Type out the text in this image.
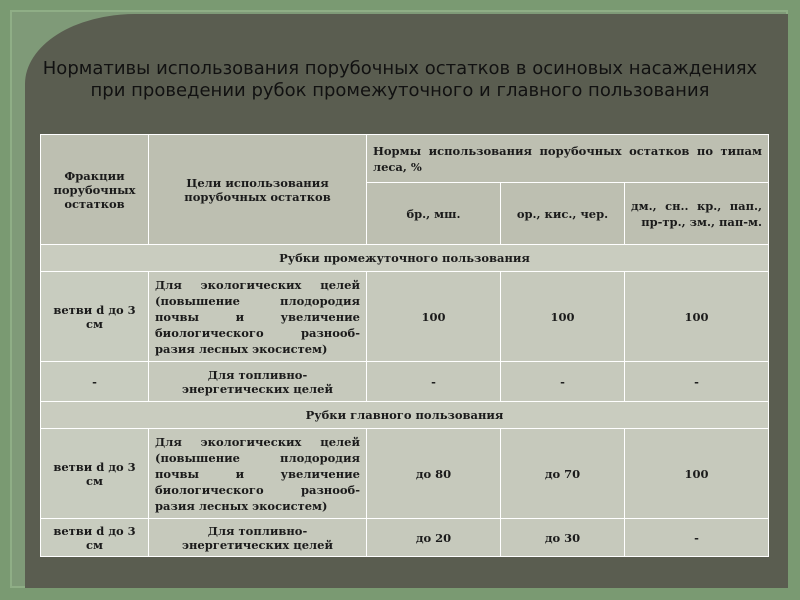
Нормативы использования порубочных остатков в осиновых насаждениях при проведении рубок промежуточного и главного пользования
Фракции порубочных остатков	Цели использования порубочных остатков	Нормы использования порубочных остатков по типам леса, %		
		бр., мш.	ор., кис., чер.	дм., сн.. кр., пап., пр-тр., зм., пап-м.
Рубки промежуточного пользования				
ветви d до 3 см	Для экологических целей (повышение плодородия почвы и увеличение биологического разнооб-разия лесных экосистем)	100	100	100
-	Для топливно-энергетических целей	-	-	-
Рубки главного пользования				
ветви d до 3 см	Для экологических целей (повышение плодородия почвы и увеличение биологического разнооб-разия лесных экосистем)	до 80	до 70	100
ветви d до 3 см	Для топливно-энергетических целей	до 20	до 30	-
